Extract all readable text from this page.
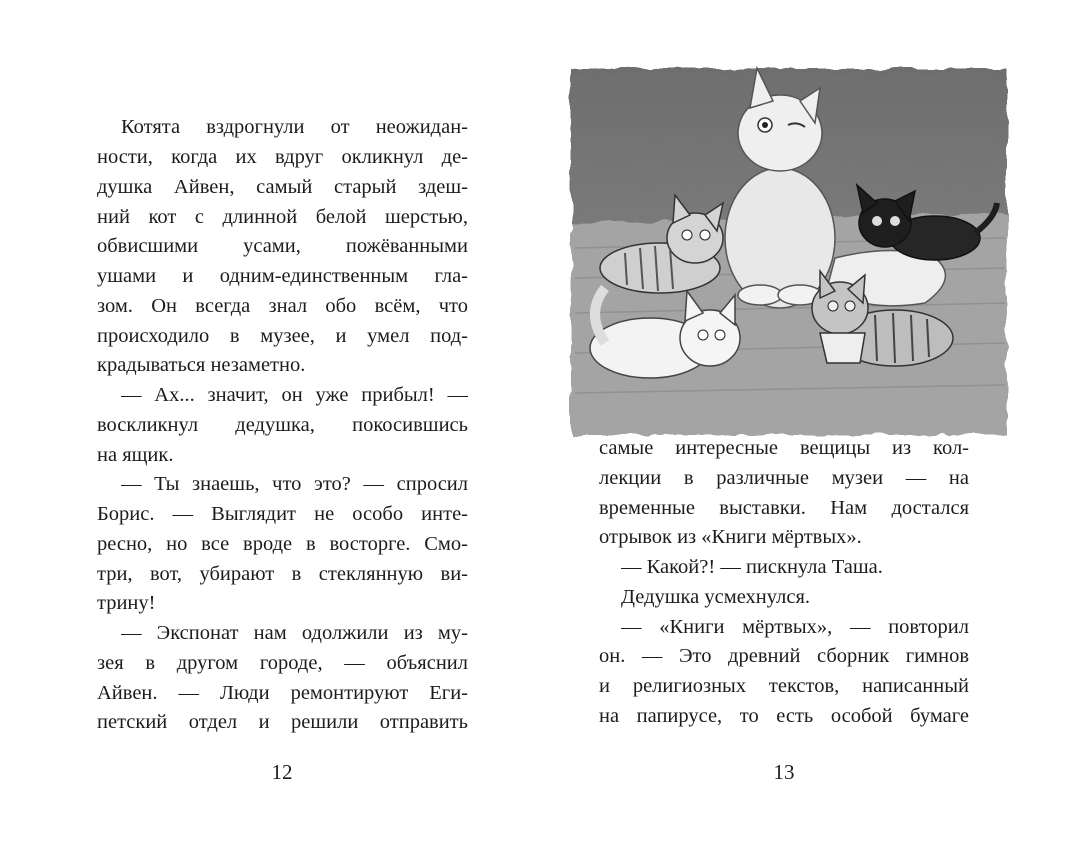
Котята вздрогнули от неожидан-
ности, когда их вдруг окликнул де-
душка Айвен, самый старый здеш-
ний кот с длинной белой шерстью,
обвисшими усами, пожёванными
ушами и одним-единственным гла-
зом. Он всегда знал обо всём, что
происходило в музее, и умел под-
крадываться незаметно.
— Ах... значит, он уже прибыл! —
воскликнул дедушка, покосившись
на ящик.
— Ты знаешь, что это? — спросил
Борис. — Выглядит не особо инте-
ресно, но все вроде в восторге. Смо-
три, вот, убирают в стеклянную ви-
трину!
— Экспонат нам одолжили из му-
зея в другом городе, — объяснил
Айвен. — Люди ремонтируют Еги-
петский отдел и решили отправить
12
самые интересные вещицы из кол-
лекции в различные музеи — на
временные выставки. Нам достался
отрывок из «Книги мёртвых».
— Какой?! — пискнула Таша.
Дедушка усмехнулся.
— «Книги мёртвых», — повторил
он. — Это древний сборник гимнов
и религиозных текстов, написанный
на папирусе, то есть особой бумаге
13
